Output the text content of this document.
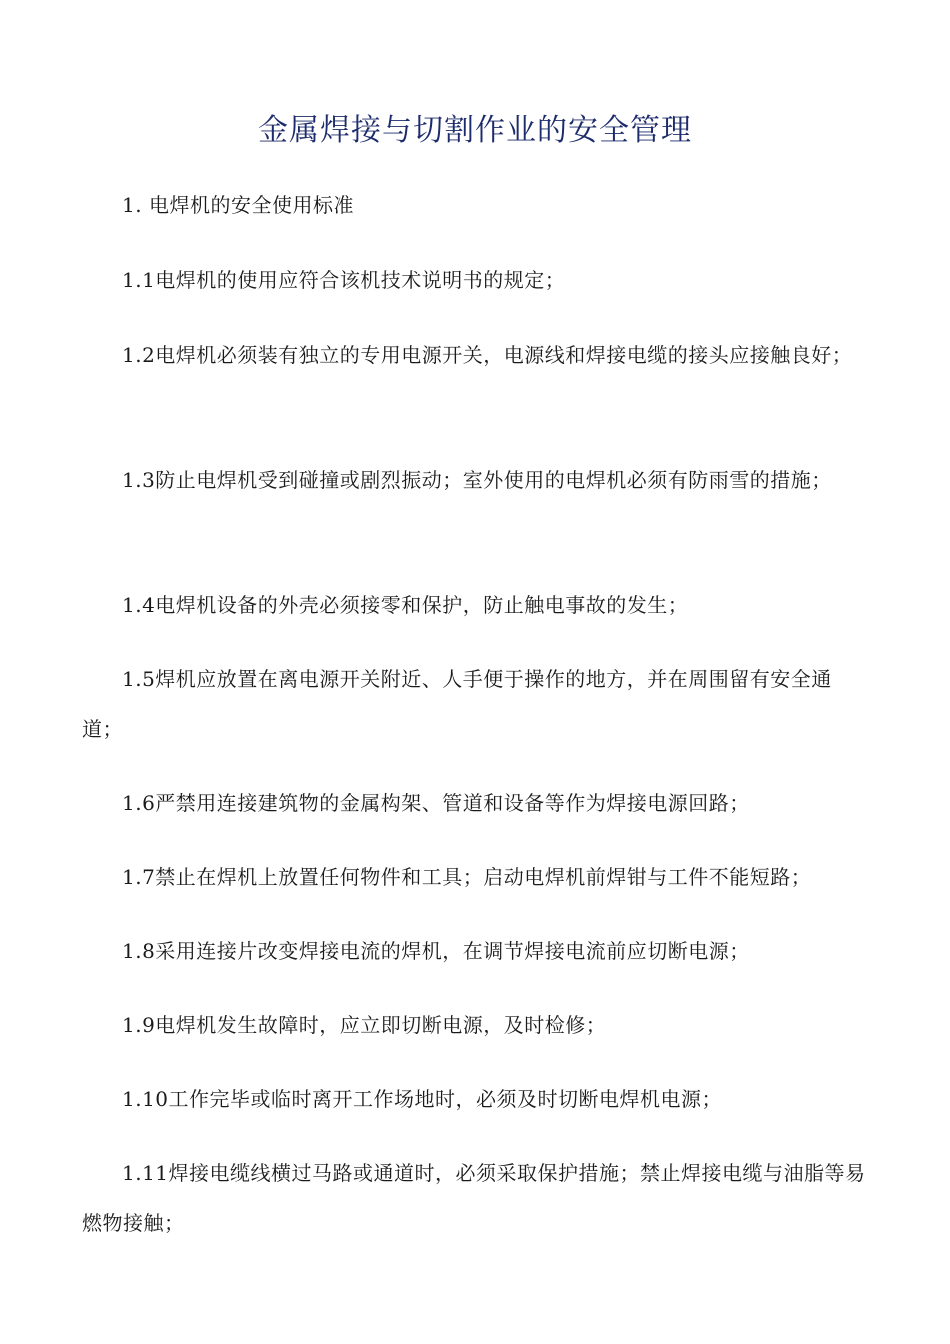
金属焊接与切割作业的安全管理
1. 电焊机的安全使用标准
1.1电焊机的使用应符合该机技术说明书的规定；
1.2电焊机必须装有独立的专用电源开关，电源线和焊接电缆的接头应接触良好；
1.3防止电焊机受到碰撞或剧烈振动；室外使用的电焊机必须有防雨雪的措施；
1.4电焊机设备的外壳必须接零和保护，防止触电事故的发生；
1.5焊机应放置在离电源开关附近、人手便于操作的地方，并在周围留有安全通道；
1.6严禁用连接建筑物的金属构架、管道和设备等作为焊接电源回路；
1.7禁止在焊机上放置任何物件和工具；启动电焊机前焊钳与工件不能短路；
1.8采用连接片改变焊接电流的焊机，在调节焊接电流前应切断电源；
1.9电焊机发生故障时，应立即切断电源，及时检修；
1.10工作完毕或临时离开工作场地时，必须及时切断电焊机电源；
1.11焊接电缆线横过马路或通道时，必须采取保护措施；禁止焊接电缆与油脂等易燃物接触；
